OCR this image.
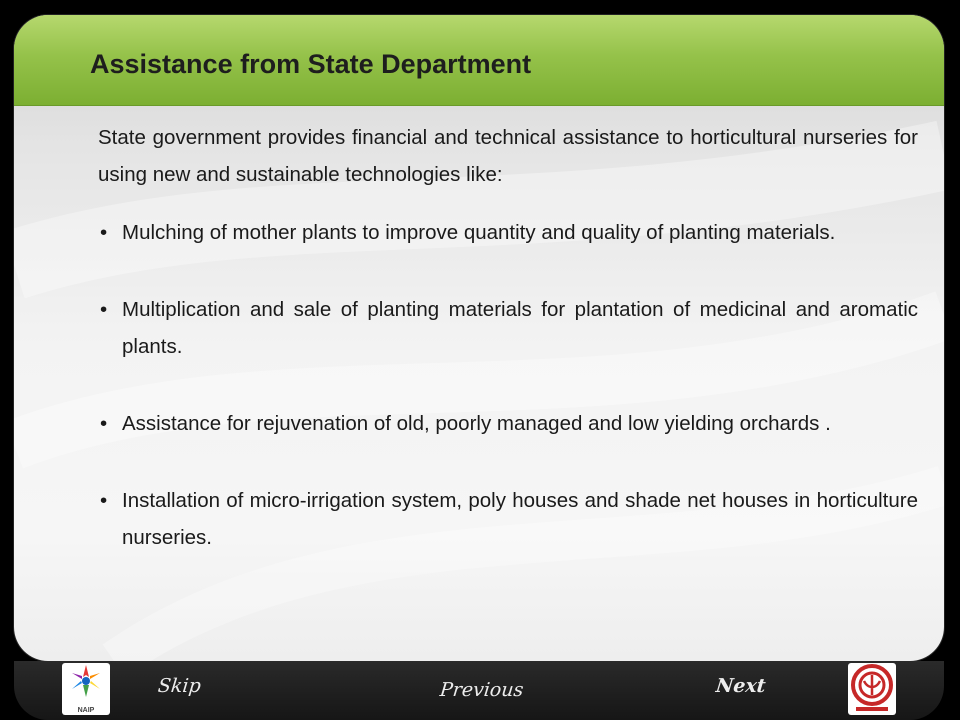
Assistance from State Department

State government provides financial and technical assistance to horticultural nurseries for using new and sustainable technologies like:

• Mulching of mother plants to improve quantity and quality of planting materials.
• Multiplication and sale of planting materials for plantation of medicinal and aromatic plants.
• Assistance for rejuvenation of old, poorly managed and low yielding orchards .
• Installation of micro-irrigation system, poly houses and shade net houses in horticulture nurseries.
NAIP
Skip	Previous	Next
